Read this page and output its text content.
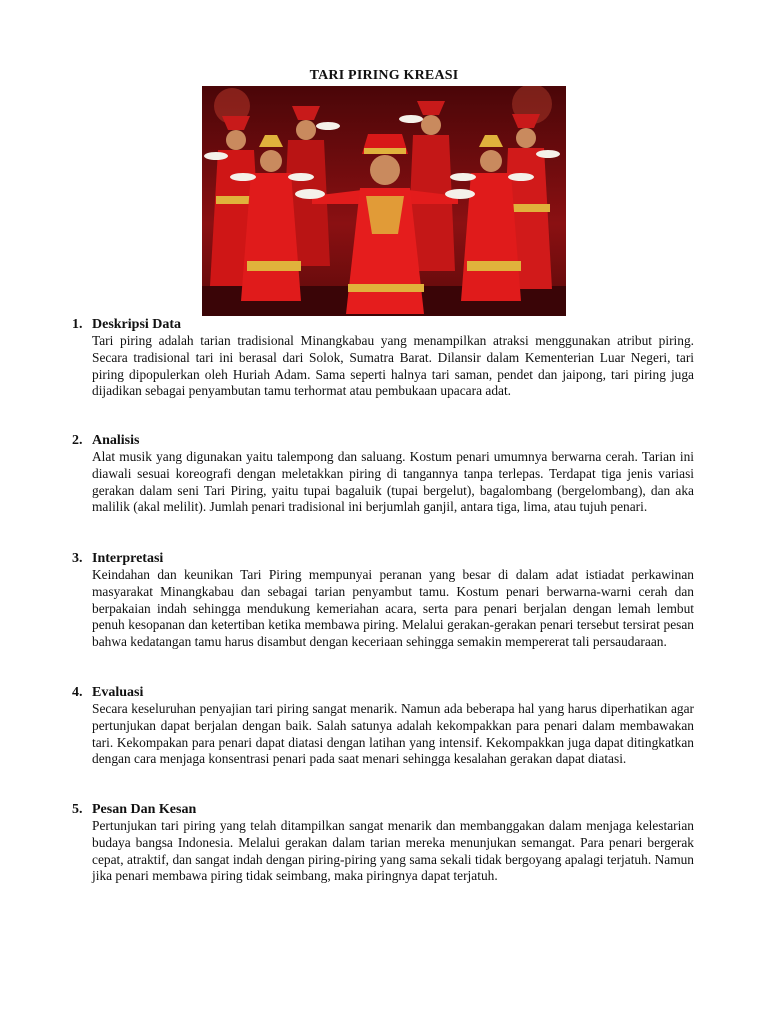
TARI PIRING KREASI
1. Deskripsi Data
Tari piring adalah tarian tradisional Minangkabau yang menampilkan atraksi menggunakan atribut piring. Secara tradisional tari ini berasal dari Solok, Sumatra Barat. Dilansir dalam Kementerian Luar Negeri, tari piring dipopulerkan oleh Huriah Adam. Sama seperti halnya tari saman, pendet dan jaipong, tari piring juga dijadikan sebagai penyambutan tamu terhormat atau pembukaan upacara adat.
2. Analisis
Alat musik yang digunakan yaitu talempong dan saluang. Kostum penari umumnya berwarna cerah. Tarian ini diawali sesuai koreografi dengan meletakkan piring di tangannya tanpa terlepas. Terdapat tiga jenis variasi gerakan dalam seni Tari Piring, yaitu tupai bagaluik (tupai bergelut), bagalombang (bergelombang), dan aka malilik (akal melilit). Jumlah penari tradisional ini berjumlah ganjil, antara tiga, lima, atau tujuh penari.
3. Interpretasi
Keindahan dan keunikan Tari Piring mempunyai peranan yang besar di dalam adat istiadat perkawinan masyarakat Minangkabau dan sebagai tarian penyambut tamu. Kostum penari berwarna-warni cerah dan berpakaian indah sehingga mendukung kemeriahan acara, serta para penari berjalan dengan lemah lembut penuh kesopanan dan ketertiban ketika membawa piring. Melalui gerakan-gerakan penari tersebut tersirat pesan bahwa kedatangan tamu harus disambut dengan keceriaan sehingga semakin mempererat tali persaudaraan.
4. Evaluasi
Secara keseluruhan penyajian tari piring sangat menarik. Namun ada beberapa hal yang harus diperhatikan agar pertunjukan dapat berjalan dengan baik. Salah satunya adalah kekompakkan para penari dalam membawakan tari. Kekompakan para penari dapat diatasi dengan latihan yang intensif. Kekompakkan juga dapat ditingkatkan dengan cara menjaga konsentrasi penari pada saat menari sehingga kesalahan gerakan dapat diatasi.
5. Pesan Dan Kesan
Pertunjukan tari piring yang telah ditampilkan sangat menarik dan membanggakan dalam menjaga kelestarian budaya bangsa Indonesia. Melalui gerakan dalam tarian mereka menunjukan semangat. Para penari bergerak cepat, atraktif, dan sangat indah dengan piring-piring yang sama sekali tidak bergoyang apalagi terjatuh. Namun jika penari membawa piring tidak seimbang, maka piringnya dapat terjatuh.
